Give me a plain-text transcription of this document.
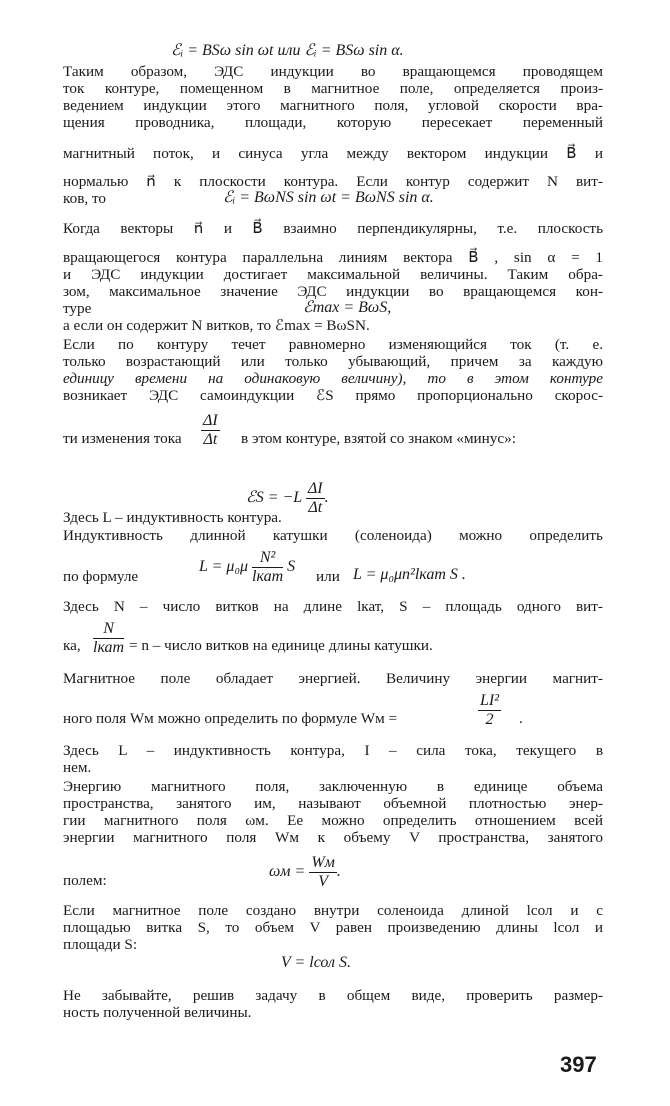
ℰᵢ = BSω sin ωt или ℰᵢ = BSω sin α.
Таким образом, ЭДС индукции во вращающемся проводящем
ток контуре, помещенном в магнитное поле, определяется произ-
ведением индукции этого магнитного поля, угловой скорости вра-
щения проводника, площади, которую пересекает переменный
магнитный поток, и синуса угла между вектором индукции B⃗ и
нормалью n⃗ к плоскости контура. Если контур содержит N вит-
ков, то	ℰᵢ = BωNS sin ωt = BωNS sin α.
Когда векторы n⃗ и B⃗ взаимно перпендикулярны, т.е. плоскость
вращающегося контура параллельна линиям вектора B⃗ , sin α = 1
и ЭДС индукции достигает максимальной величины. Таким обра-
зом, максимальное значение ЭДС индукции во вращающемся кон-
туре	ℰmax = BωS,
а если он содержит N витков, то ℰmax = BωSN.
Если по контуру течет равномерно изменяющийся ток (т. е.
только возрастающий или только убывающий, причем за каждую
единицу времени на одинаковую величину), то в этом контуре
возникает ЭДС самоиндукции ℰS прямо пропорционально скорос-
ти изменения тока	$\frac{\Delta I}{\Delta t}$ в этом контуре, взятой со знаком «минус»:
ℰS = $-L \frac{\Delta I}{\Delta t}$ .
Здесь L – индуктивность контура.
Индуктивность длинной катушки (соленоида) можно определить
по формуле
$L = \mu_0\mu \frac{\text{N²}}{\text{lкат}}$ S
или L = μ₀μn²lкат S .
Здесь N – число витков на длине lкат, S – площадь одного вит-
ка,
N
lкат = n – число витков на единице длины катушки.
Магнитное поле обладает энергией. Величину энергии магнит-
ного поля Wм можно определить по формуле Wм =	$\frac{\text{LI²}}{2}$ .
Здесь L – индуктивность контура, I – сила тока, текущего в
нем.
Энергию магнитного поля, заключенную в единице объема
пространства, занятого им, называют объемной плотностью энер-
гии магнитного поля ωм. Ее можно определить отношением всей
энергии магнитного поля Wм к объему V пространства, занятого
полем:
$\omega м = \frac{Wм}{V}$ .
Если магнитное поле создано внутри соленоида длиной lсол и с
площадью витка S, то объем V равен произведению длины lсол и
площади S:
V = lсол S.
Не забывайте, решив задачу в общем виде, проверить размер-
ность полученной величины.
397
